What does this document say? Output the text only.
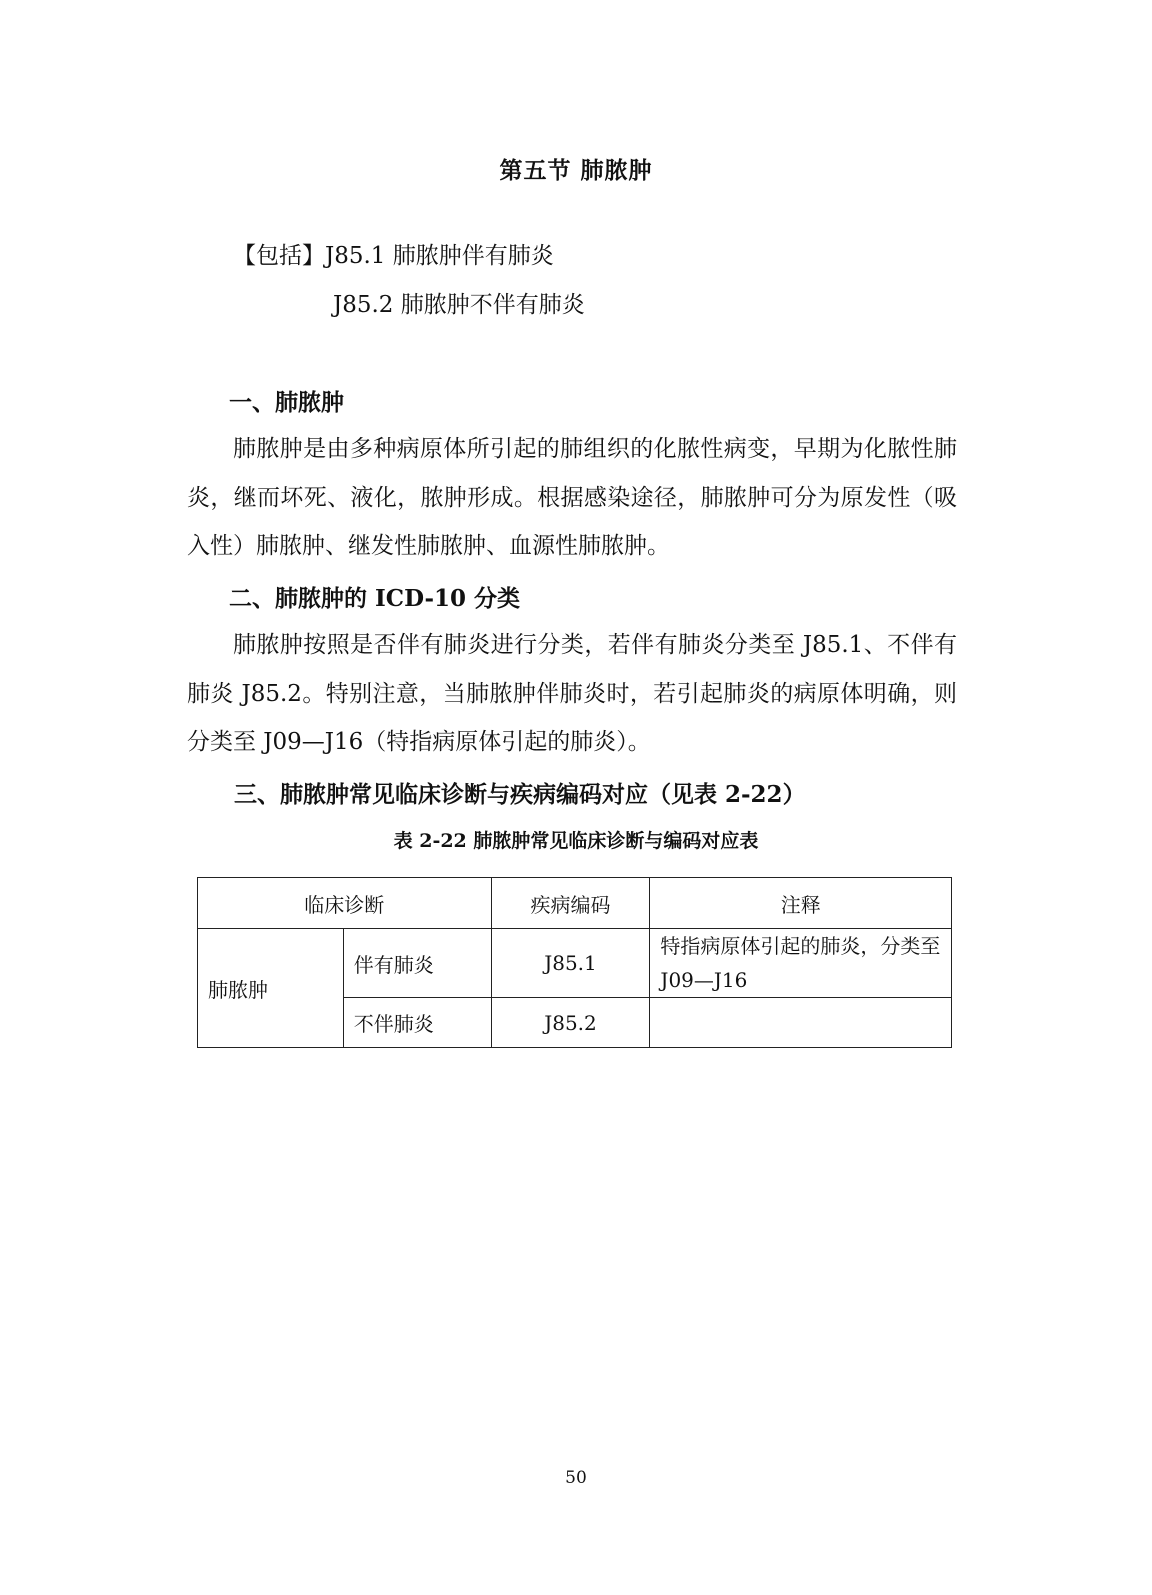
第五节 肺脓肿
【包括】J85.1 肺脓肿伴有肺炎
J85.2 肺脓肿不伴有肺炎
一、肺脓肿

肺脓肿是由多种病原体所引起的肺组织的化脓性病变，早期为化脓性肺炎，继而坏死、液化，脓肿形成。根据感染途径，肺脓肿可分为原发性（吸入性）肺脓肿、继发性肺脓肿、血源性肺脓肿。

二、肺脓肿的 ICD-10 分类

肺脓肿按照是否伴有肺炎进行分类，若伴有肺炎分类至 J85.1、不伴有肺炎 J85.2。特别注意，当肺脓肿伴肺炎时，若引起肺炎的病原体明确，则分类至 J09—J16（特指病原体引起的肺炎）。

三、肺脓肿常见临床诊断与疾病编码对应（见表 2-22）
表 2-22 肺脓肿常见临床诊断与编码对应表
临床诊断		疾病编码	注释
肺脓肿	伴有肺炎	J85.1	特指病原体引起的肺炎，分类至 J09—J16
	不伴肺炎	J85.2	
50
